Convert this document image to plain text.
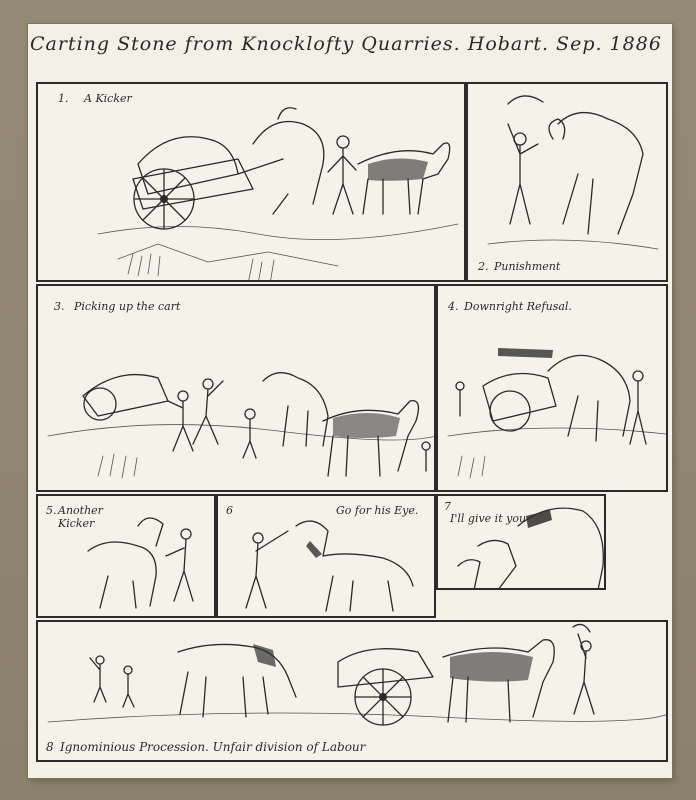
Carting Stone from Knocklofty Quarries. Hobart. Sep. 1886
1. A Kicker
2. Punishment
3. Picking up the cart	4. Downright Refusal.
5. Another Kicker
6	Go for his Eye. 7
I'll give it you
8 Ignominious Procession. Unfair division of Labour
